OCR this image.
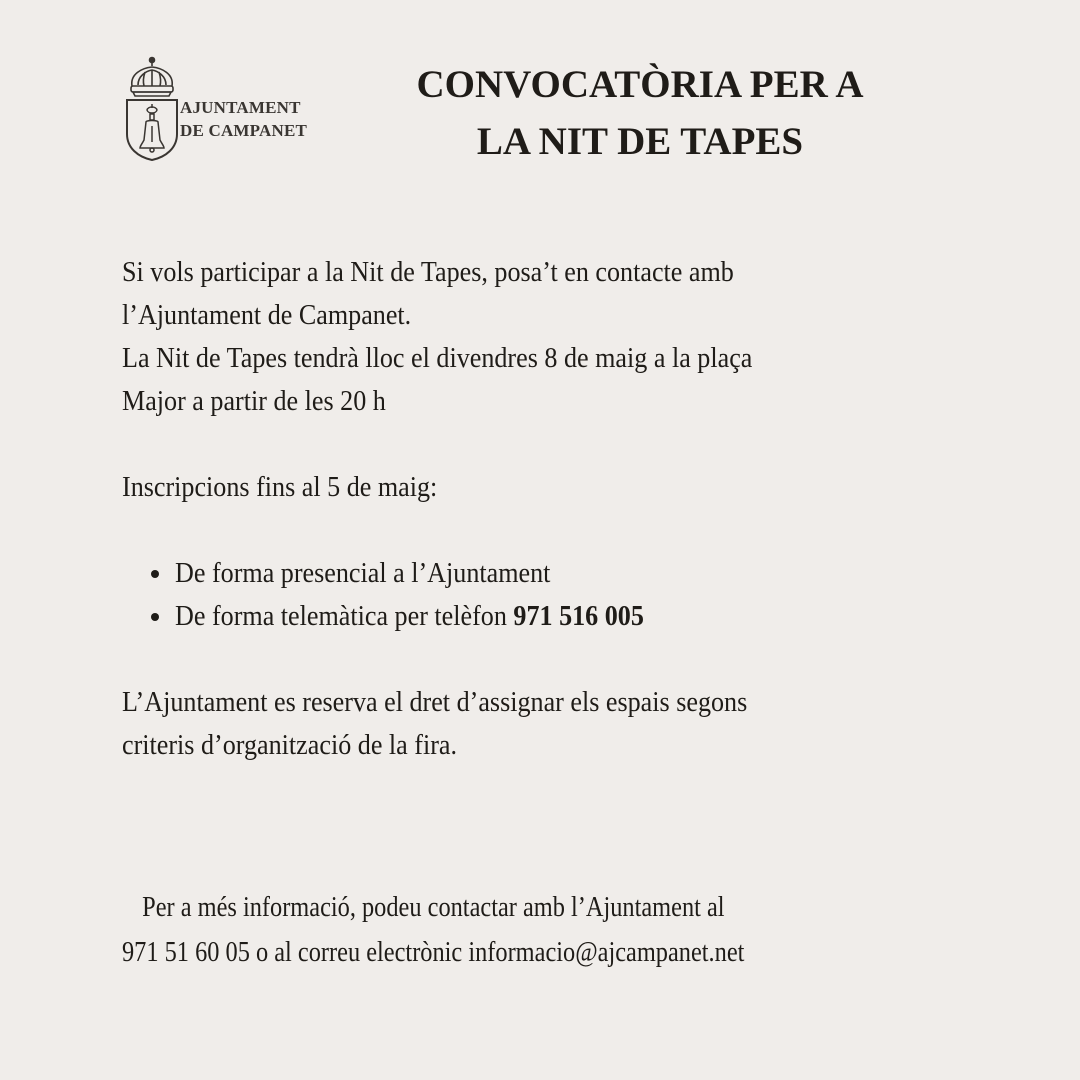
AJUNTAMENT
DE CAMPANET
CONVOCATÒRIA PER A
LA NIT DE TAPES
Si vols participar a la Nit de Tapes, posa’t en contacte amb
l’Ajuntament de Campanet.
La Nit de Tapes tendrà lloc el divendres 8 de maig a la plaça
Major a partir de les 20 h
Inscripcions fins al 5 de maig:
De forma presencial a l’Ajuntament
De forma telemàtica per telèfon 971 516 005
L’Ajuntament es reserva el dret d’assignar els espais segons
criteris d’organització de la fira.
Per a més informació, podeu contactar amb l’Ajuntament al
971 51 60 05 o al correu electrònic informacio@ajcampanet.net
